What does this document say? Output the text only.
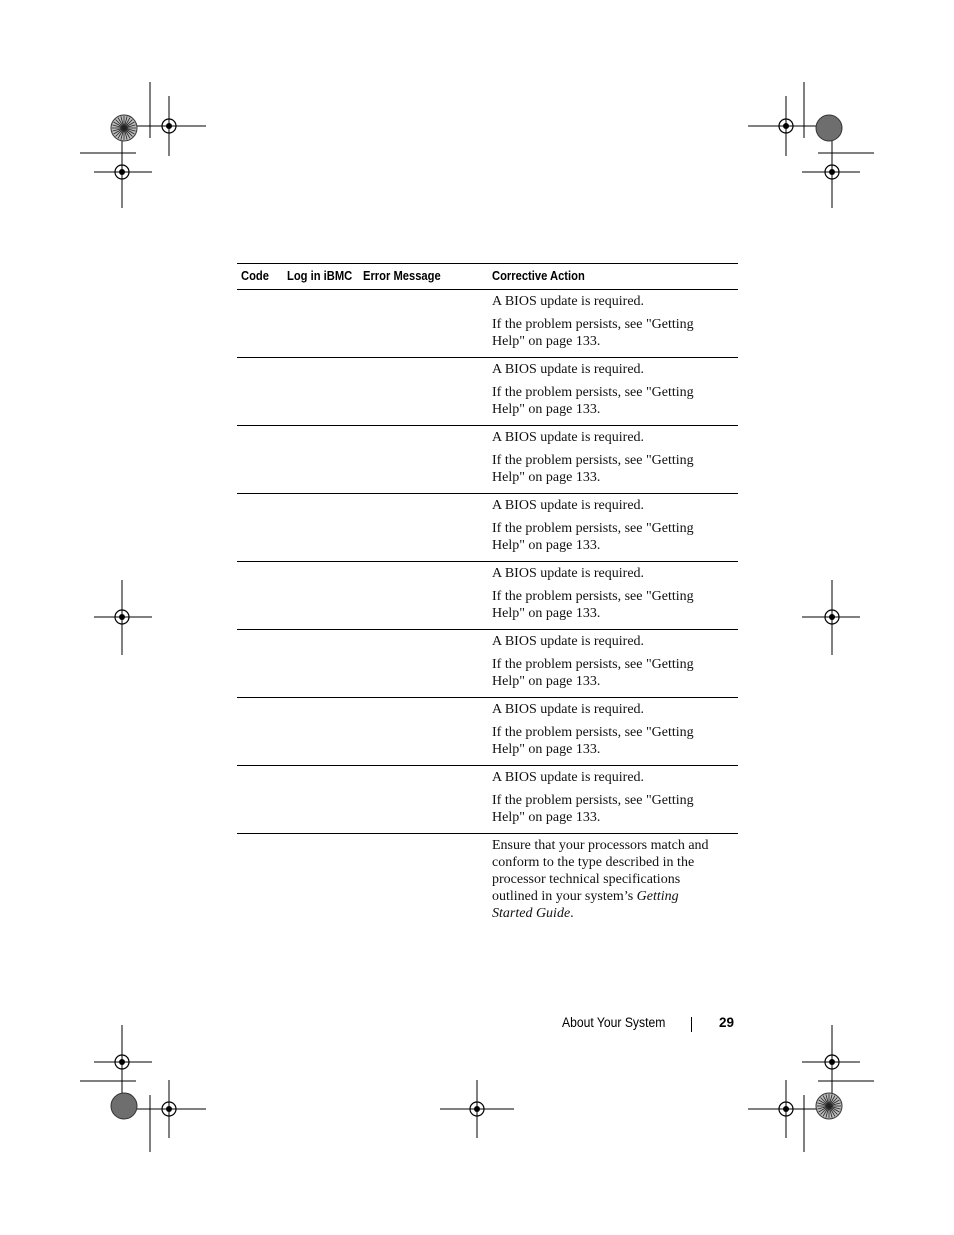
Code Log in iBMC Error Message	Corrective Action

A BIOS update is required.

If the problem persists, see "Getting Help" on page 133.

A BIOS update is required.

If the problem persists, see "Getting Help" on page 133.

A BIOS update is required.

If the problem persists, see "Getting Help" on page 133.

A BIOS update is required.

If the problem persists, see "Getting Help" on page 133.

A BIOS update is required.

If the problem persists, see "Getting Help" on page 133.

A BIOS update is required.

If the problem persists, see "Getting Help" on page 133.

A BIOS update is required.

If the problem persists, see "Getting Help" on page 133.

A BIOS update is required.

If the problem persists, see "Getting Help" on page 133.

Ensure that your processors match and conform to the type described in the processor technical specifications outlined in your system’s Getting Started Guide.

About Your System	29
